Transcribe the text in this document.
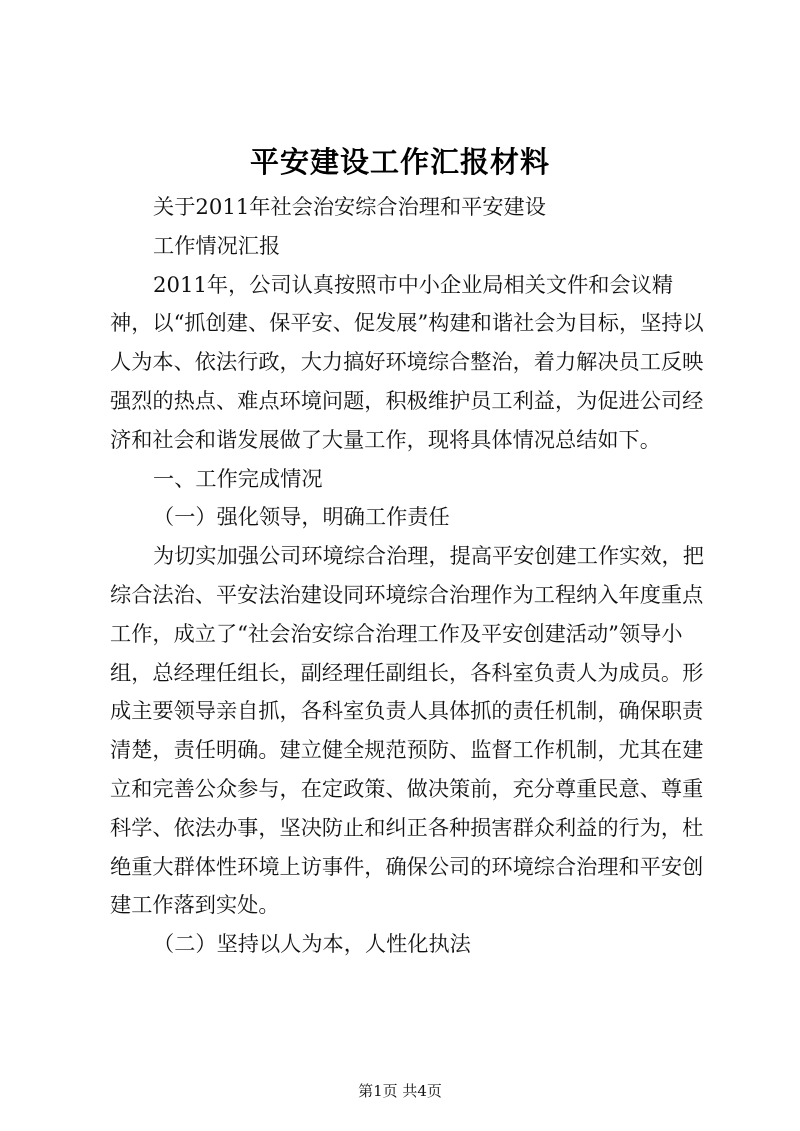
平安建设工作汇报材料

关于2011年社会治安综合治理和平安建设

工作情况汇报

2011年，公司认真按照市中小企业局相关文件和会议精神，以“抓创建、保平安、促发展”构建和谐社会为目标，坚持以人为本、依法行政，大力搞好环境综合整治，着力解决员工反映强烈的热点、难点环境问题，积极维护员工利益，为促进公司经济和社会和谐发展做了大量工作，现将具体情况总结如下。

一、工作完成情况

（一）强化领导，明确工作责任

为切实加强公司环境综合治理，提高平安创建工作实效，把综合法治、平安法治建设同环境综合治理作为工程纳入年度重点工作，成立了“社会治安综合治理工作及平安创建活动”领导小组，总经理任组长，副经理任副组长，各科室负责人为成员。形成主要领导亲自抓，各科室负责人具体抓的责任机制，确保职责清楚，责任明确。建立健全规范预防、监督工作机制，尤其在建立和完善公众参与，在定政策、做决策前，充分尊重民意、尊重科学、依法办事，坚决防止和纠正各种损害群众利益的行为，杜绝重大群体性环境上访事件，确保公司的环境综合治理和平安创建工作落到实处。

（二）坚持以人为本，人性化执法

第1页 共4页
